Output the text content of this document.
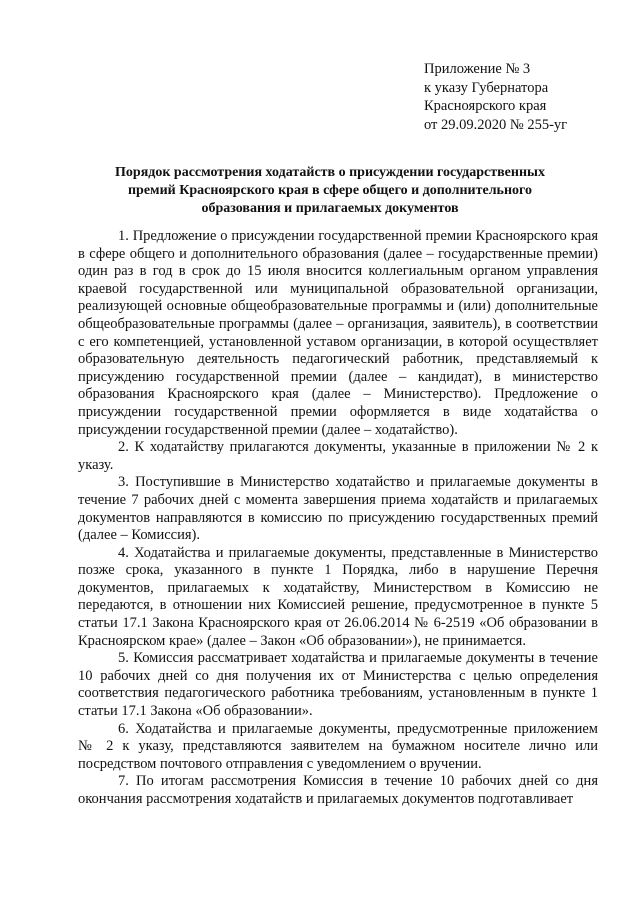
Приложение № 3
к указу Губернатора
Красноярского края
от 29.09.2020 № 255-уг
Порядок рассмотрения ходатайств о присуждении государственных
премий Красноярского края в сфере общего и дополнительного
образования и прилагаемых документов

1. Предложение о присуждении государственной премии Красноярского края в сфере общего и дополнительного образования (далее – государственные премии) один раз в год в срок до 15 июля вносится коллегиальным органом управления краевой государственной или муниципальной образовательной организации, реализующей основные общеобразовательные программы и (или) дополнительные общеобразовательные программы (далее – организация, заявитель), в соответствии с его компетенцией, установленной уставом организации, в которой осуществляет образовательную деятельность педагогический работник, представляемый к присуждению государственной премии (далее – кандидат), в министерство образования Красноярского края (далее – Министерство). Предложение о присуждении государственной премии оформляется в виде ходатайства о присуждении государственной премии (далее – ходатайство).

2. К ходатайству прилагаются документы, указанные в приложении № 2 к указу.

3. Поступившие в Министерство ходатайство и прилагаемые документы в течение 7 рабочих дней с момента завершения приема ходатайств и прилагаемых документов направляются в комиссию по присуждению государственных премий (далее – Комиссия).

4. Ходатайства и прилагаемые документы, представленные в Министерство позже срока, указанного в пункте 1 Порядка, либо в нарушение Перечня документов, прилагаемых к ходатайству, Министерством в Комиссию не передаются, в отношении них Комиссией решение, предусмотренное в пункте 5 статьи 17.1 Закона Красноярского края от 26.06.2014 № 6-2519 «Об образовании в Красноярском крае» (далее – Закон «Об образовании»), не принимается.

5. Комиссия рассматривает ходатайства и прилагаемые документы в течение 10 рабочих дней со дня получения их от Министерства с целью определения соответствия педагогического работника требованиям, установленным в пункте 1 статьи 17.1 Закона «Об образовании».

6. Ходатайства и прилагаемые документы, предусмотренные приложением № 2 к указу, представляются заявителем на бумажном носителе лично или посредством почтового отправления с уведомлением о вручении.

7. По итогам рассмотрения Комиссия в течение 10 рабочих дней со дня окончания рассмотрения ходатайств и прилагаемых документов подготавливает
